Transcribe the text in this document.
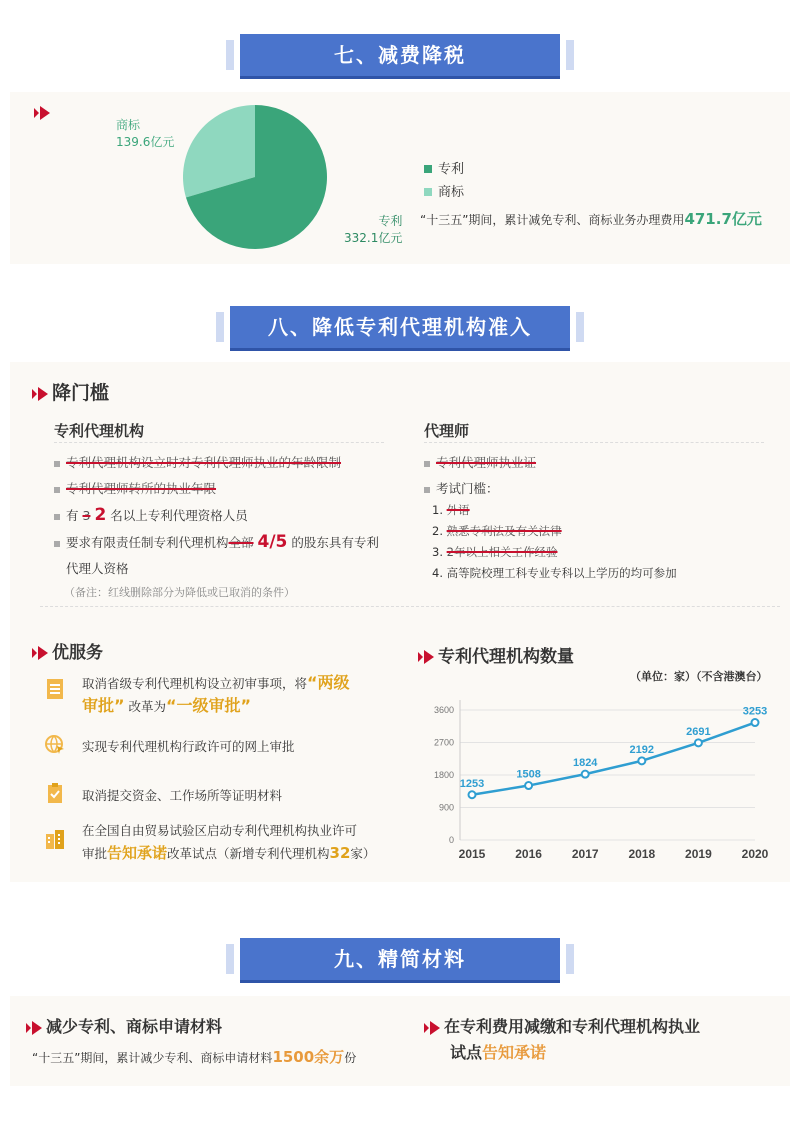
七、减费降税
商标
139.6亿元
专利
332.1亿元
专利
商标
“十三五”期间，累计减免专利、商标业务办理费用471.7亿元
八、降低专利代理机构准入
降门槛
专利代理机构
专利代理机构设立时对专利代理师执业的年龄限制
专利代理师转所的执业年限
有 3 2 名以上专利代理资格人员
要求有限责任制专利代理机构全部 4/5 的股东具有专利
代理人资格
（备注：红线删除部分为降低或已取消的条件）
代理师
专利代理师执业证
考试门槛：
1. 外语
2. 熟悉专利法及有关法律
3. 2年以上相关工作经验
4. 高等院校理工科专业专科以上学历的均可参加
优服务
取消省级专利代理机构设立初审事项，将“两级
审批” 改革为“一级审批”
实现专利代理机构行政许可的网上审批
取消提交资金、工作场所等证明材料
在全国自由贸易试验区启动专利代理机构执业许可
审批告知承诺改革试点（新增专利代理机构32家）
专利代理机构数量
（单位：家）（不含港澳台）
0
900
1800
2700
3600
1253
2015
1508
2016
1824
2017
2192
2018
2691
2019
3253
2020
九、精简材料
减少专利、商标申请材料
“十三五”期间，累计减少专利、商标申请材料1500余万份
在专利费用减缴和专利代理机构执业
试点告知承诺
